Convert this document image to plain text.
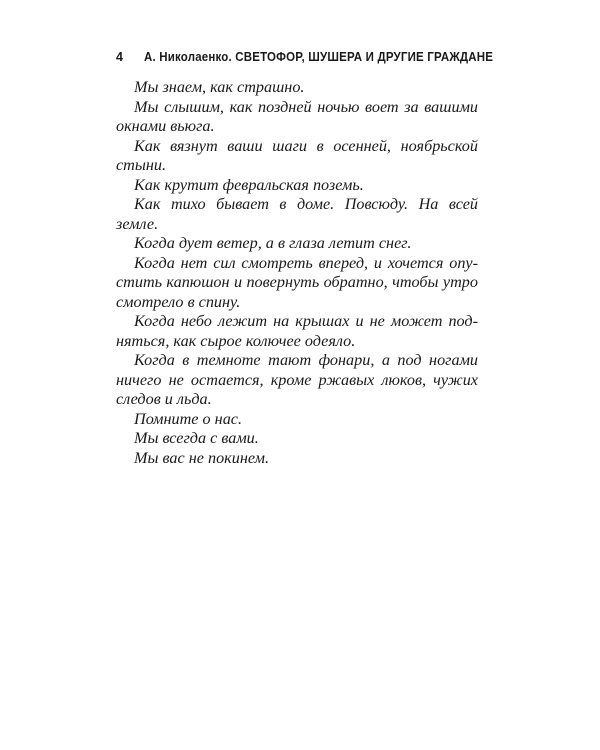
4 А. Николаенко. СВЕТОФОР, ШУШЕРА И ДРУГИЕ ГРАЖДАНЕ

Мы знаем, как страшно.

Мы слышим, как поздней ночью воет за вашими окнами вьюга.

Как вязнут ваши шаги в осенней, ноябрьской стыни.

Как крутит февральская поземь.

Как тихо бывает в доме. Повсюду. На всей земле.

Когда дует ветер, а в глаза летит снег.

Когда нет сил смотреть вперед, и хочется опустить капюшон и повернуть обратно, чтобы утро смотрело в спину.

Когда небо лежит на крышах и не может подняться, как сырое колючее одеяло.

Когда в темноте тают фонари, а под ногами ничего не остается, кроме ржавых люков, чужих следов и льда.

Помните о нас.

Мы всегда с вами.

Мы вас не покинем.
